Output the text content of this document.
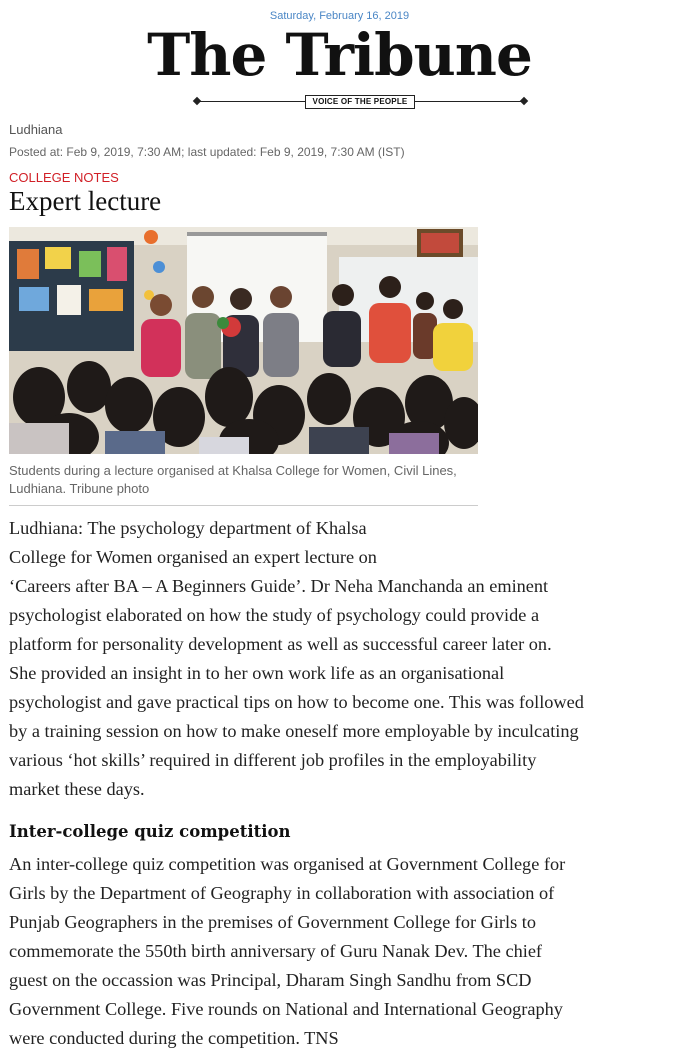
Saturday, February 16, 2019
The Tribune
VOICE OF THE PEOPLE
Ludhiana
Posted at: Feb 9, 2019, 7:30 AM; last updated: Feb 9, 2019, 7:30 AM (IST)
COLLEGE NOTES
Expert lecture
Students during a lecture organised at Khalsa College for Women, Civil Lines, Ludhiana. Tribune photo
Ludhiana: The psychology department of Khalsa
College for Women organised an expert lecture on
‘Careers after BA – A Beginners Guide’. Dr Neha Manchanda an eminent
psychologist elaborated on how the study of psychology could provide a
platform for personality development as well as successful career later on.
She provided an insight in to her own work life as an organisational
psychologist and gave practical tips on how to become one. This was followed
by a training session on how to make oneself more employable by inculcating
various ‘hot skills’ required in different job profiles in the employability
market these days.
Inter-college quiz competition
An inter-college quiz competition was organised at Government College for
Girls by the Department of Geography in collaboration with association of
Punjab Geographers in the premises of Government College for Girls to
commemorate the 550th birth anniversary of Guru Nanak Dev. The chief
guest on the occassion was Principal, Dharam Singh Sandhu from SCD
Government College. Five rounds on National and International Geography
were conducted during the competition. TNS
